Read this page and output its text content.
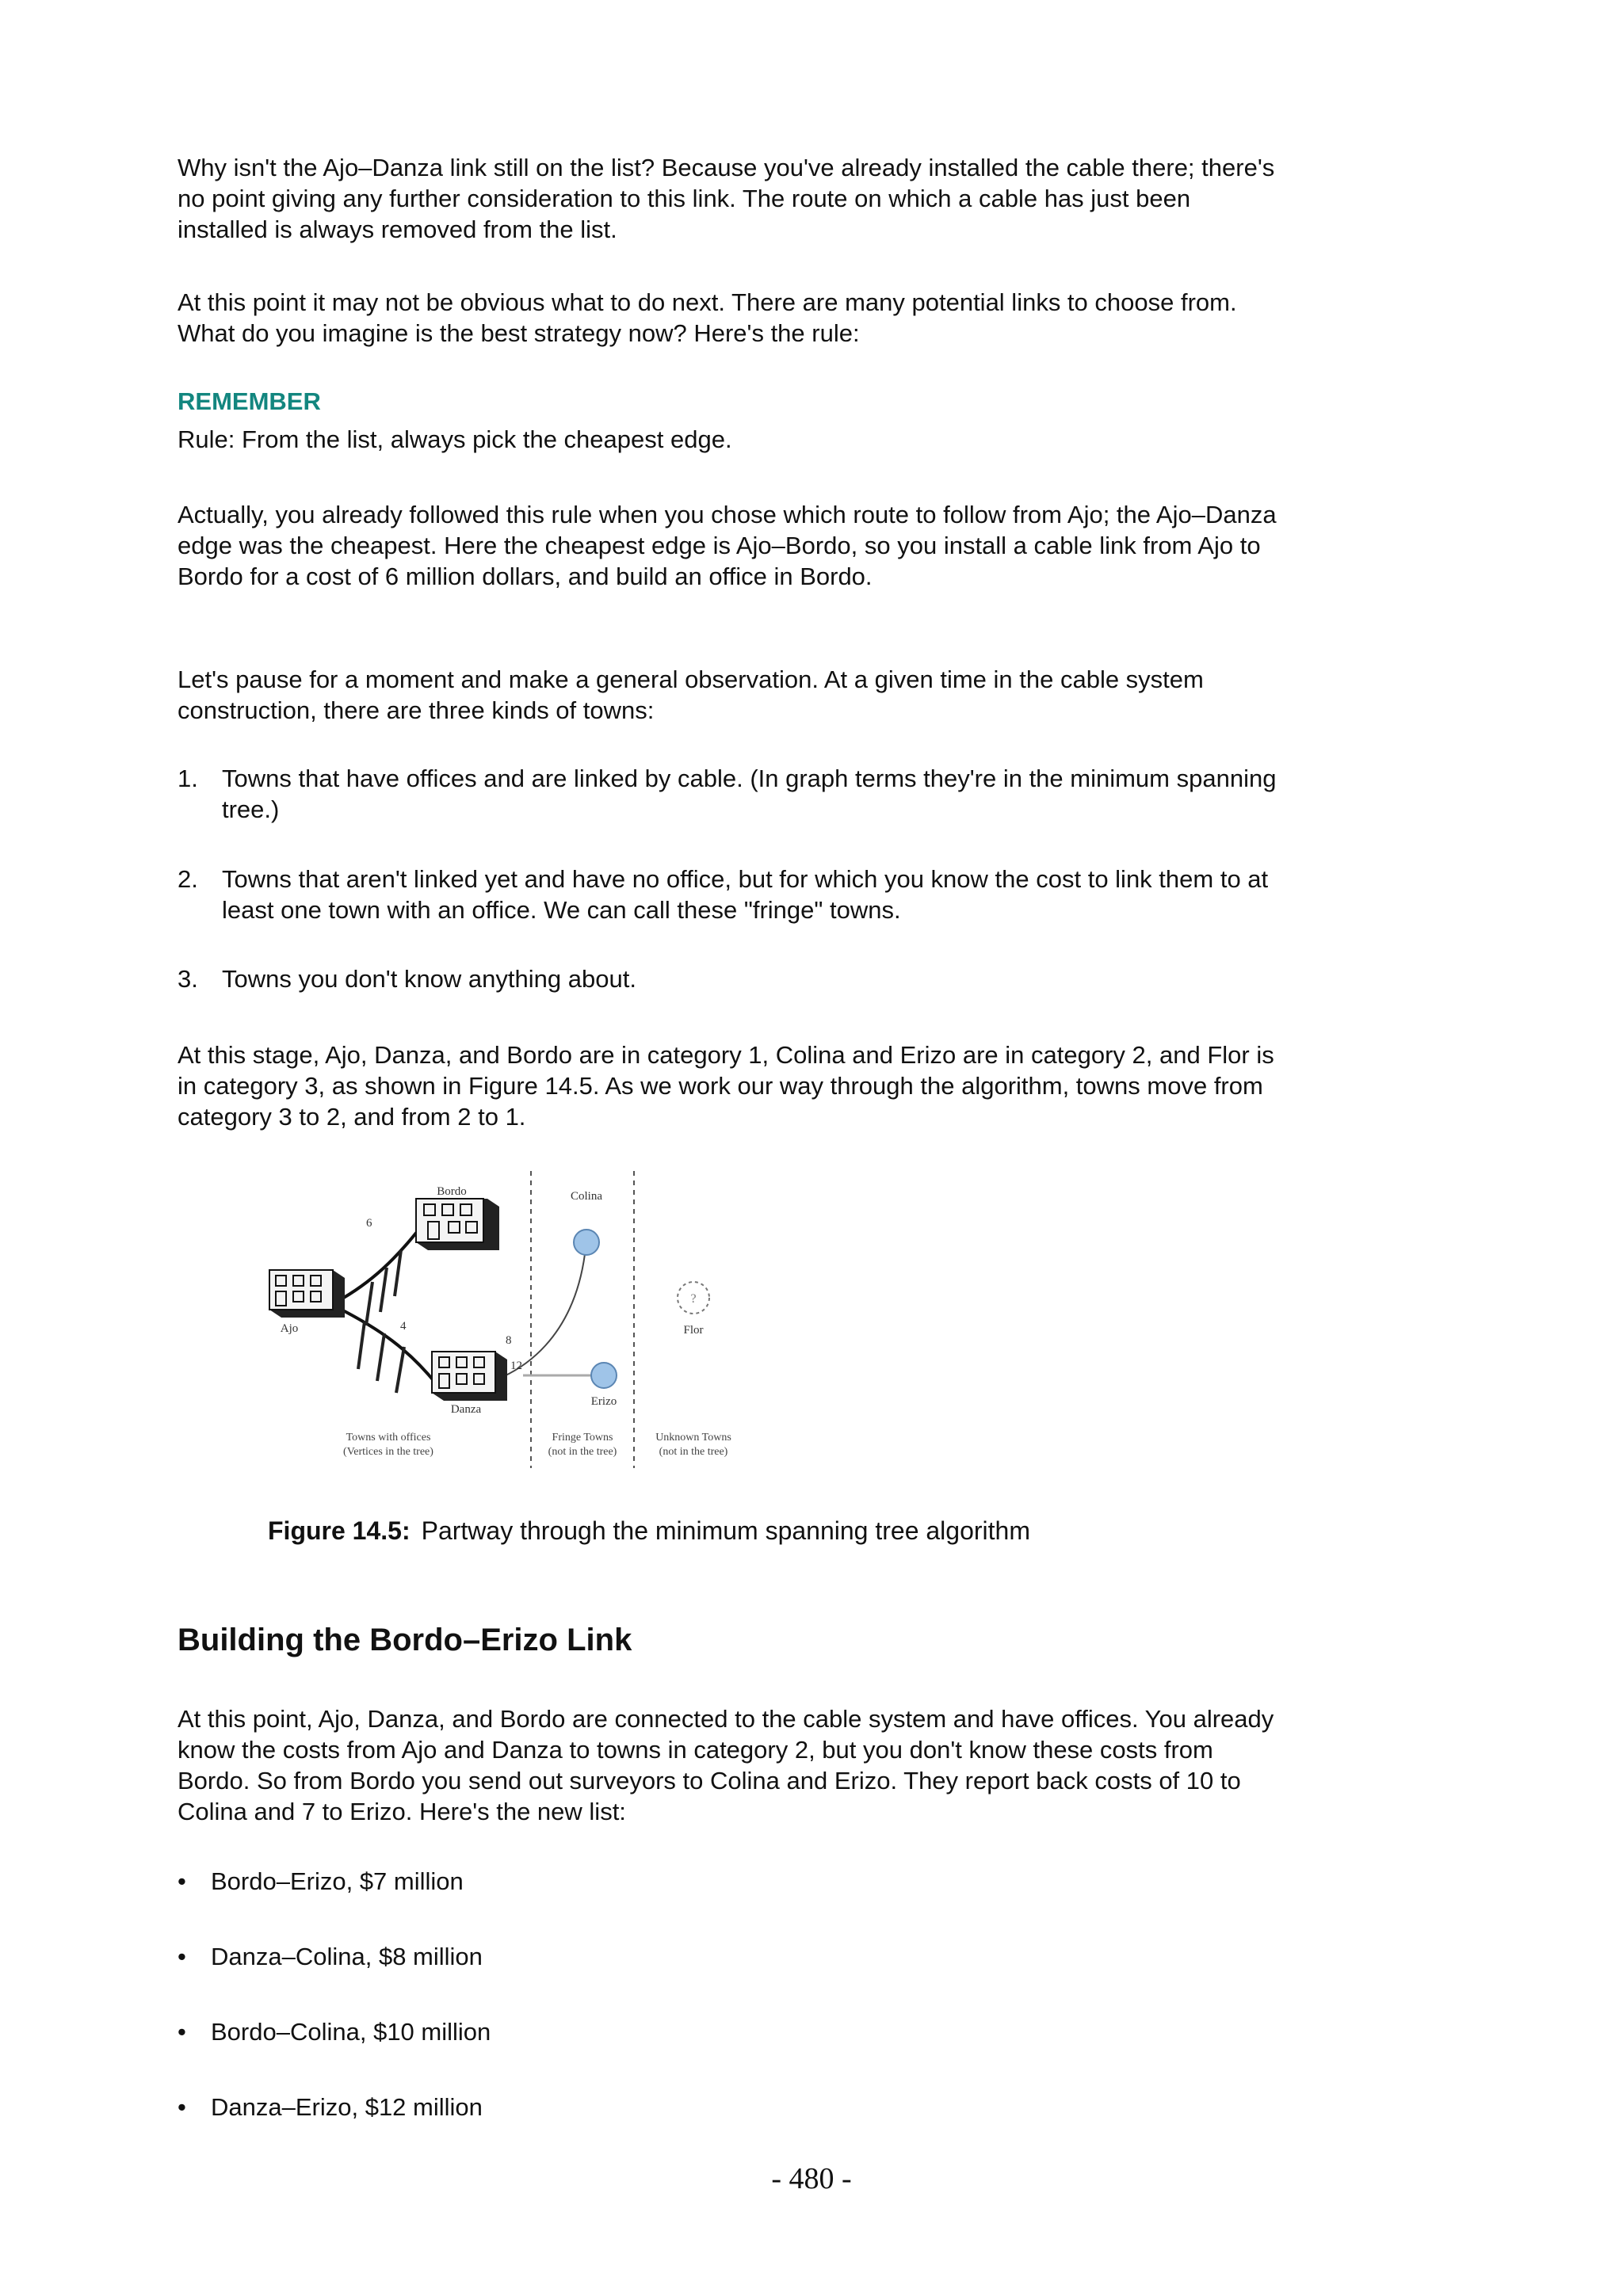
Why isn't the Ajo–Danza link still on the list? Because you've already installed the cable there; there's no point giving any further consideration to this link. The route on which a cable has just been installed is always removed from the list.

At this point it may not be obvious what to do next. There are many potential links to choose from. What do you imagine is the best strategy now? Here's the rule:

REMEMBER

Rule: From the list, always pick the cheapest edge.

Actually, you already followed this rule when you chose which route to follow from Ajo; the Ajo–Danza edge was the cheapest. Here the cheapest edge is Ajo–Bordo, so you install a cable link from Ajo to Bordo for a cost of 6 million dollars, and build an office in Bordo.

Let's pause for a moment and make a general observation. At a given time in the cable system construction, there are three kinds of towns:

1. Towns that have offices and are linked by cable. (In graph terms they're in the minimum spanning tree.)
2. Towns that aren't linked yet and have no office, but for which you know the cost to link them to at least one town with an office. We can call these "fringe" towns.
3. Towns you don't know anything about.

At this stage, Ajo, Danza, and Bordo are in category 1, Colina and Erizo are in category 2, and Flor is in category 3, as shown in Figure 14.5. As we work our way through the algorithm, towns move from category 3 to 2, and from 2 to 1.

?
Bordo	Colina
Ajo	Flor
Danza
Erizo
6
4
8
12
Towns with offices
(Vertices in the tree)
Fringe Towns
(not in the tree)
Unknown Towns
(not in the tree)
Figure 14.5: Partway through the minimum spanning tree algorithm
Building the Bordo–Erizo Link

At this point, Ajo, Danza, and Bordo are connected to the cable system and have offices. You already know the costs from Ajo and Danza to towns in category 2, but you don't know these costs from Bordo. So from Bordo you send out surveyors to Colina and Erizo. They report back costs of 10 to Colina and 7 to Erizo. Here's the new list:

• Bordo–Erizo, $7 million
• Danza–Colina, $8 million
• Bordo–Colina, $10 million
• Danza–Erizo, $12 million
- 480 -
